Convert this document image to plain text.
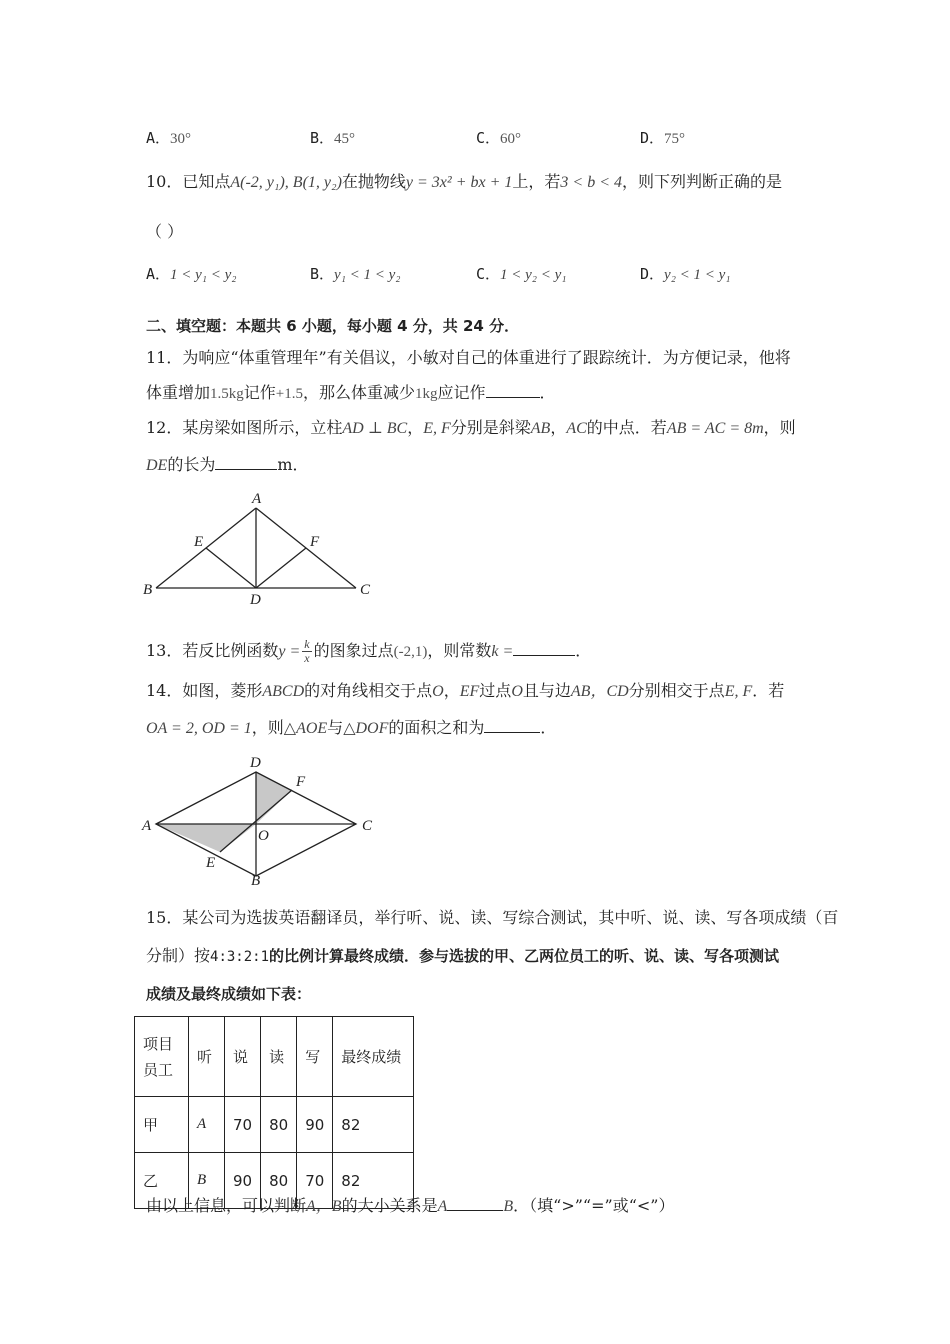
A．30°	B．45°	C．60°	D．75°
10．已知点A(-2, y₁), B(1, y₂)在抛物线y = 3x² + bx + 1上，若3 < b < 4，则下列判断正确的是
（ ）
A．1 < y₁ < y₂	B．y₁ < 1 < y₂	C．1 < y₂ < y₁	D．y₂ < 1 < y₁
二、填空题：本题共 6 小题，每小题 4 分，共 24 分．
11．为响应“体重管理年”有关倡议，小敏对自己的体重进行了跟踪统计．为方便记录，他将
体重增加1.5kg记作+1.5，那么体重减少1kg应记作	．
12．某房梁如图所示，立柱AD ⊥ BC，E, F分别是斜梁AB，AC的中点．若AB = AC = 8m，则
DE的长为	m．
A
B	C
D
E	F
13．若反比例函数$y = \frac{k}{x}$ 的图象过点(-2,1)，则常数k =	．
14．如图，菱形ABCD的对角线相交于点O，EF过点O且与边AB，CD分别相交于点E, F．若
OA = 2, OD = 1，则△AOE与△DOF的面积之和为	．
A
B
C
D
E
F
O
15．某公司为选拔英语翻译员，举行听、说、读、写综合测试，其中听、说、读、写各项成绩（百
分制）按4:3:2:1的比例计算最终成绩．参与选拔的甲、乙两位员工的听、说、读、写各项测试
成绩及最终成绩如下表：
项目
员工	听	说	读	写	最终成绩
甲	A	70	80	90	82
乙	B	90	80	70	82
由以上信息，可以判断A，B的大小关系是A	B．（填“>”“=”或“<”）
